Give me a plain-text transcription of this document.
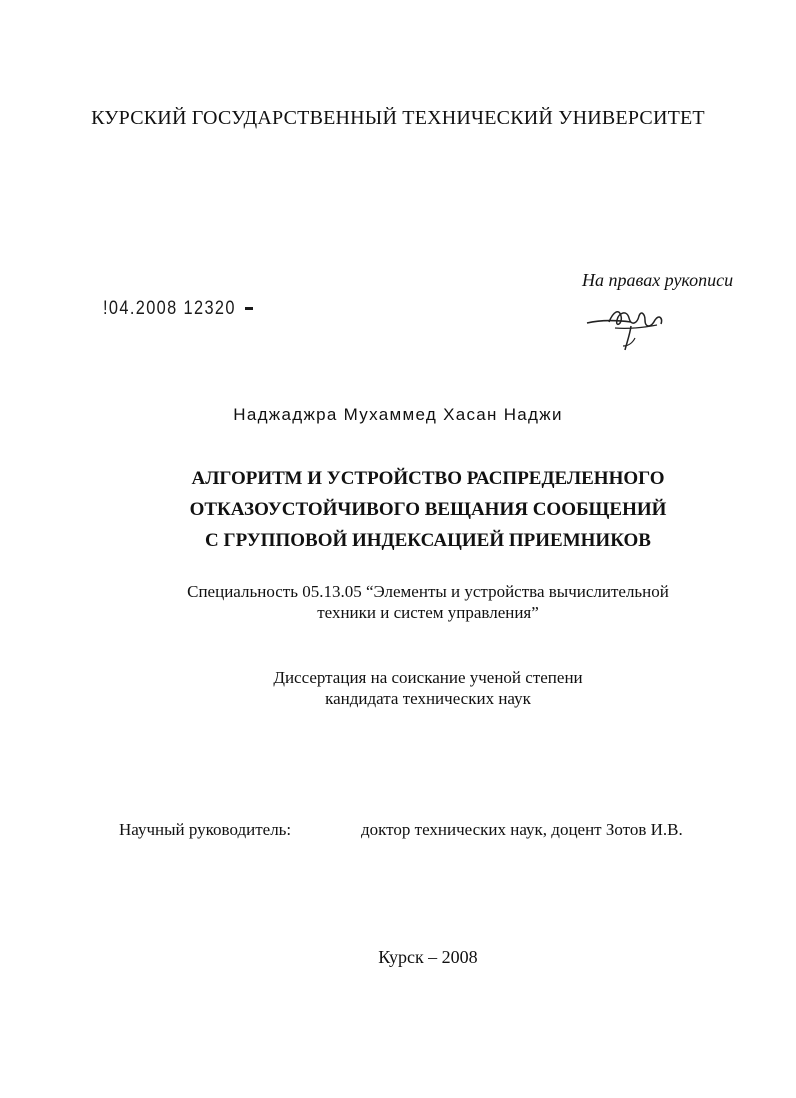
КУРСКИЙ ГОСУДАРСТВЕННЫЙ ТЕХНИЧЕСКИЙ УНИВЕРСИТЕТ
!04.2008 12320
На правах рукописи
Наджаджра Мухаммед Хасан Наджи
АЛГОРИТМ И УСТРОЙСТВО РАСПРЕДЕЛЕННОГО
ОТКАЗОУСТОЙЧИВОГО ВЕЩАНИЯ СООБЩЕНИЙ
С ГРУППОВОЙ ИНДЕКСАЦИЕЙ ПРИЕМНИКОВ
Специальность 05.13.05 “Элементы и устройства вычислительной
техники и систем управления”
Диссертация на соискание ученой степени
кандидата технических наук
Научный руководитель:	доктор технических наук, доцент Зотов И.В.
Курск – 2008
